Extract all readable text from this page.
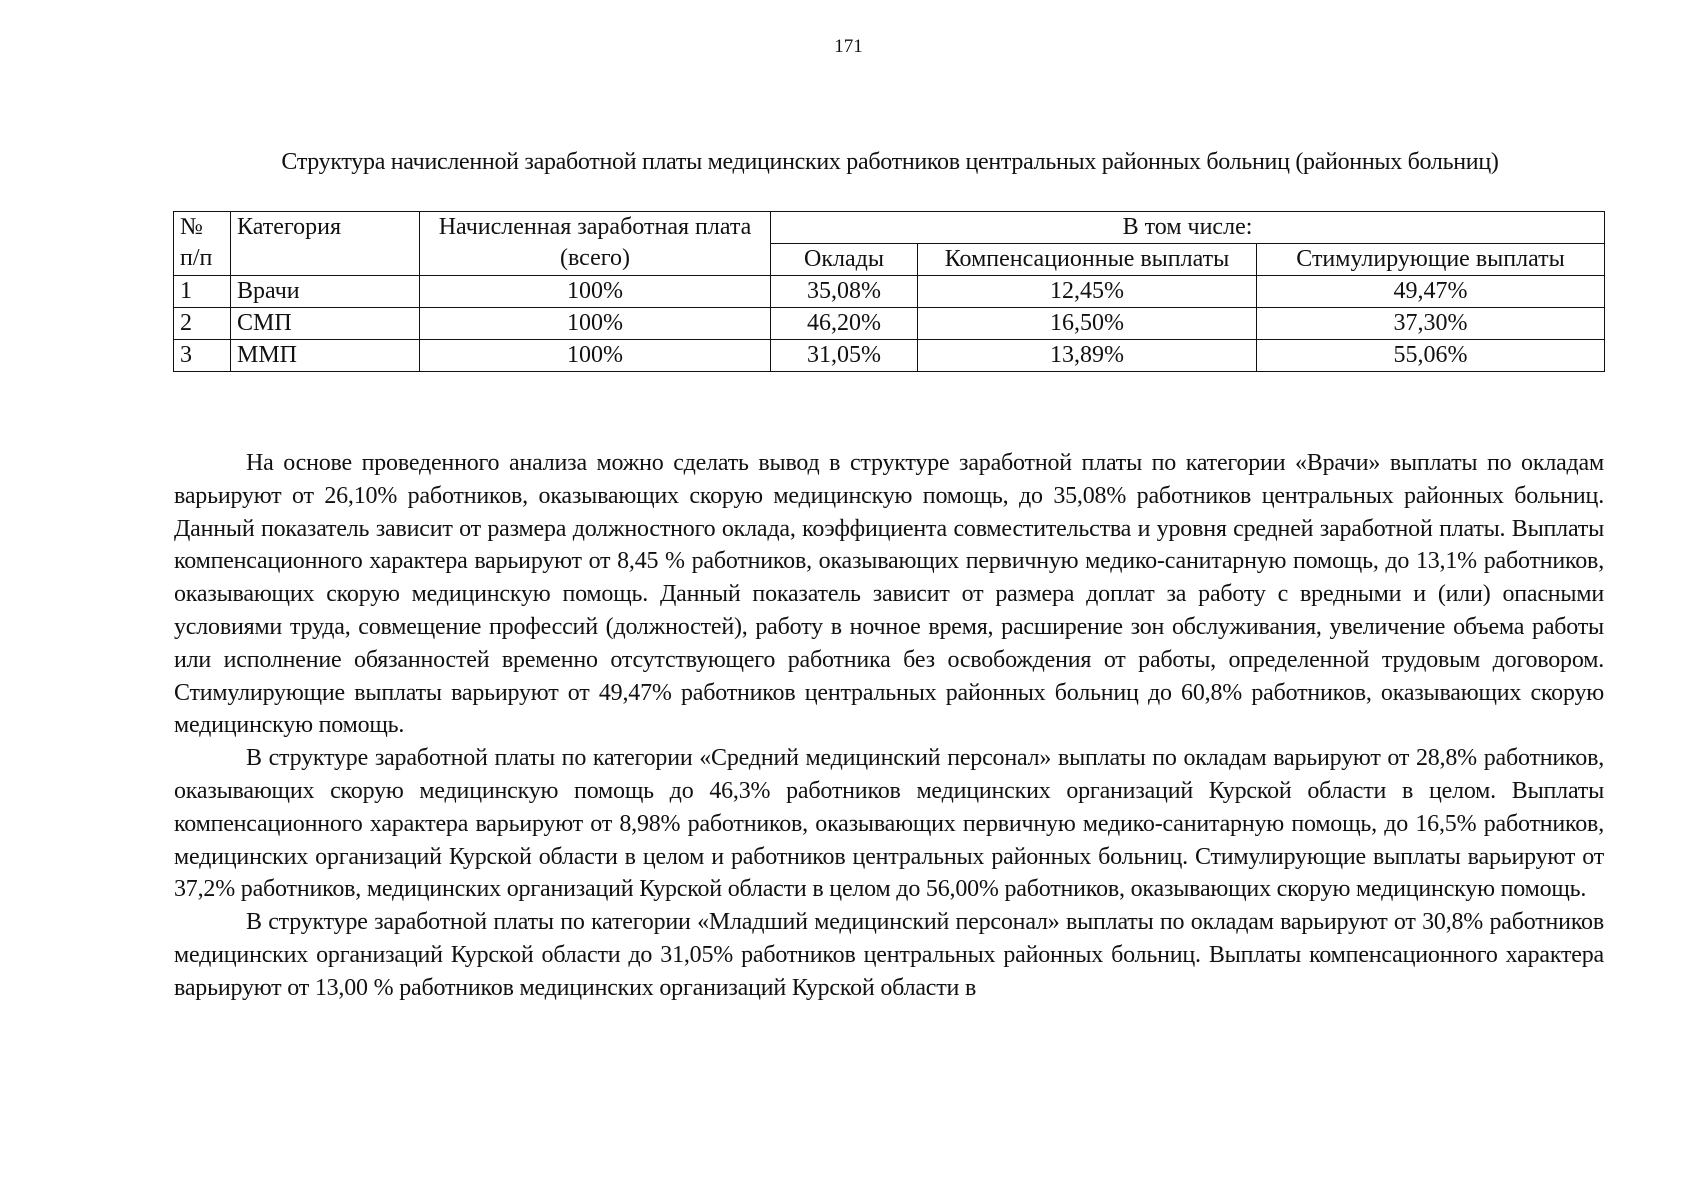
171
Структура начисленной заработной платы медицинских работников центральных районных больниц (районных больниц)
№ п/п	Категория	Начисленная заработная плата (всего)	В том числе:		
			Оклады	Компенсационные выплаты	Стимулирующие выплаты
1	Врачи	100%	35,08%	12,45%	49,47%
2	СМП	100%	46,20%	16,50%	37,30%
3	ММП	100%	31,05%	13,89%	55,06%

На основе проведенного анализа можно сделать вывод в структуре заработной платы по категории «Врачи» выплаты по окладам варьируют от 26,10% работников, оказывающих скорую медицинскую помощь, до 35,08% работников центральных районных больниц. Данный показатель зависит от размера должностного оклада, коэффициента совместительства и уровня средней заработной платы. Выплаты компенсационного характера варьируют от 8,45 % работников, оказывающих первичную медико-санитарную помощь, до 13,1% работников, оказывающих скорую медицинскую помощь. Данный показатель зависит от размера доплат за работу с вредными и (или) опасными условиями труда, совмещение профессий (должностей), работу в ночное время, расширение зон обслуживания, увеличение объема работы или исполнение обязанностей временно отсутствующего работника без освобождения от работы, определенной трудовым договором. Стимулирующие выплаты варьируют от 49,47% работников центральных районных больниц до 60,8% работников, оказывающих скорую медицинскую помощь.

В структуре заработной платы по категории «Средний медицинский персонал» выплаты по окладам варьируют от 28,8% работников, оказывающих скорую медицинскую помощь до 46,3% работников медицинских организаций Курской области в целом. Выплаты компенсационного характера варьируют от 8,98% работников, оказывающих первичную медико-санитарную помощь, до 16,5% работников, медицинских организаций Курской области в целом и работников центральных районных больниц. Стимулирующие выплаты варьируют от 37,2% работников, медицинских организаций Курской области в целом до 56,00% работников, оказывающих скорую медицинскую помощь.

В структуре заработной платы по категории «Младший медицинский персонал» выплаты по окладам варьируют от 30,8% работников медицинских организаций Курской области до 31,05% работников центральных районных больниц. Выплаты компенсационного характера варьируют от 13,00 % работников медицинских организаций Курской области в
